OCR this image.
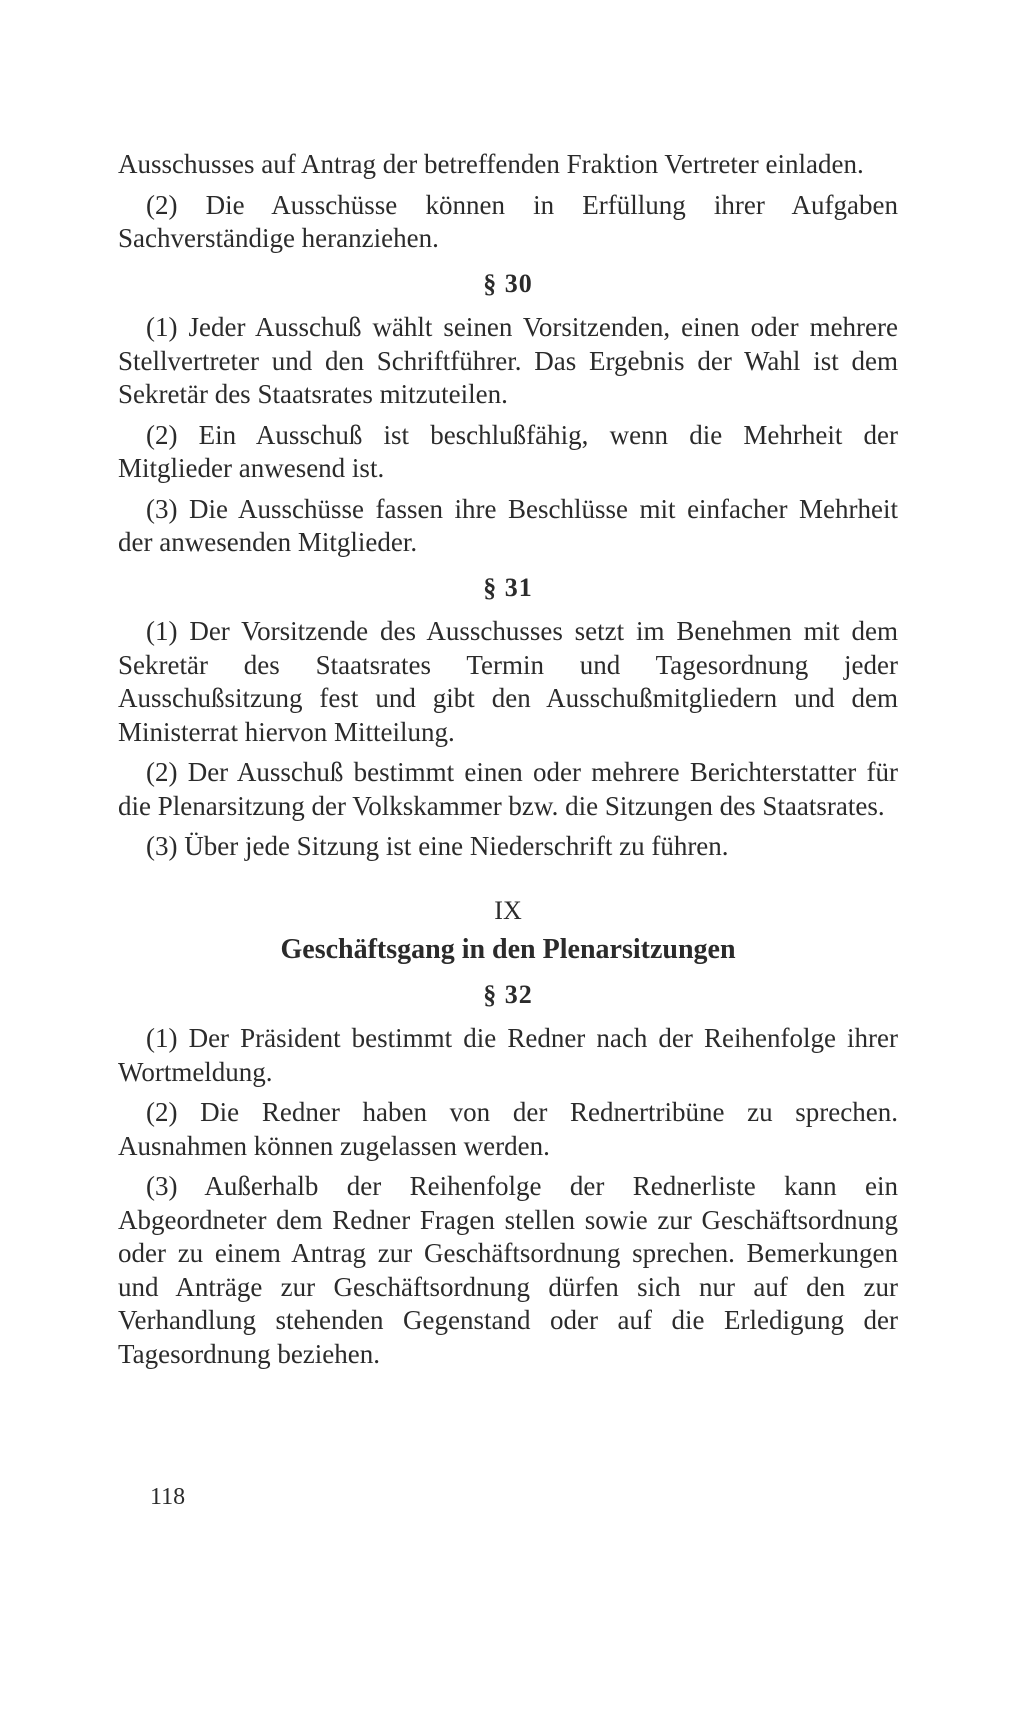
Ausschusses auf Antrag der betreffenden Fraktion Vertreter einladen.

(2) Die Ausschüsse können in Erfüllung ihrer Aufgaben Sachverständige heranziehen.

§ 30

(1) Jeder Ausschuß wählt seinen Vorsitzenden, einen oder mehrere Stellvertreter und den Schriftführer. Das Ergebnis der Wahl ist dem Sekretär des Staatsrates mitzuteilen.

(2) Ein Ausschuß ist beschlußfähig, wenn die Mehrheit der Mitglieder anwesend ist.

(3) Die Ausschüsse fassen ihre Beschlüsse mit einfacher Mehrheit der anwesenden Mitglieder.

§ 31

(1) Der Vorsitzende des Ausschusses setzt im Benehmen mit dem Sekretär des Staatsrates Termin und Tagesordnung jeder Ausschußsitzung fest und gibt den Ausschußmitgliedern und dem Ministerrat hiervon Mitteilung.

(2) Der Ausschuß bestimmt einen oder mehrere Berichterstatter für die Plenarsitzung der Volkskammer bzw. die Sitzungen des Staatsrates.

(3) Über jede Sitzung ist eine Niederschrift zu führen.

IX
Geschäftsgang in den Plenarsitzungen
§ 32

(1) Der Präsident bestimmt die Redner nach der Reihenfolge ihrer Wortmeldung.

(2) Die Redner haben von der Rednertribüne zu sprechen. Ausnahmen können zugelassen werden.

(3) Außerhalb der Reihenfolge der Rednerliste kann ein Abgeordneter dem Redner Fragen stellen sowie zur Geschäftsordnung oder zu einem Antrag zur Geschäftsordnung sprechen. Bemerkungen und Anträge zur Geschäftsordnung dürfen sich nur auf den zur Verhandlung stehenden Gegenstand oder auf die Erledigung der Tagesordnung beziehen.

118
